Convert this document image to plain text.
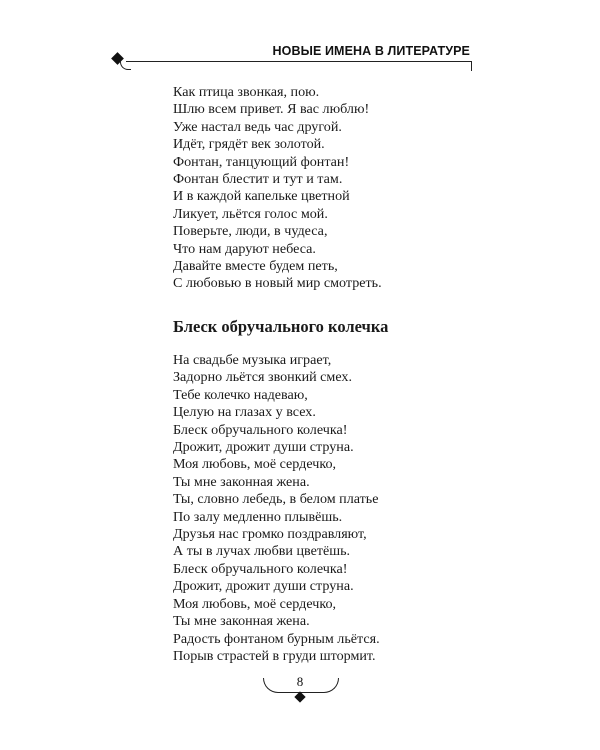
НОВЫЕ ИМЕНА В ЛИТЕРАТУРЕ
Как птица звонкая, пою.
Шлю всем привет. Я вас люблю!
Уже настал ведь час другой.
Идёт, грядёт век золотой.
Фонтан, танцующий фонтан!
Фонтан блестит и тут и там.
И в каждой капельке цветной
Ликует, льётся голос мой.
Поверьте, люди, в чудеса,
Что нам даруют небеса.
Давайте вместе будем петь,
С любовью в новый мир смотреть.
Блеск обручального колечка
На свадьбе музыка играет,
Задорно льётся звонкий смех.
Тебе колечко надеваю,
Целую на глазах у всех.
Блеск обручального колечка!
Дрожит, дрожит души струна.
Моя любовь, моё сердечко,
Ты мне законная жена.
Ты, словно лебедь, в белом платье
По залу медленно плывёшь.
Друзья нас громко поздравляют,
А ты в лучах любви цветёшь.
Блеск обручального колечка!
Дрожит, дрожит души струна.
Моя любовь, моё сердечко,
Ты мне законная жена.
Радость фонтаном бурным льётся.
Порыв страстей в груди штормит.
8
